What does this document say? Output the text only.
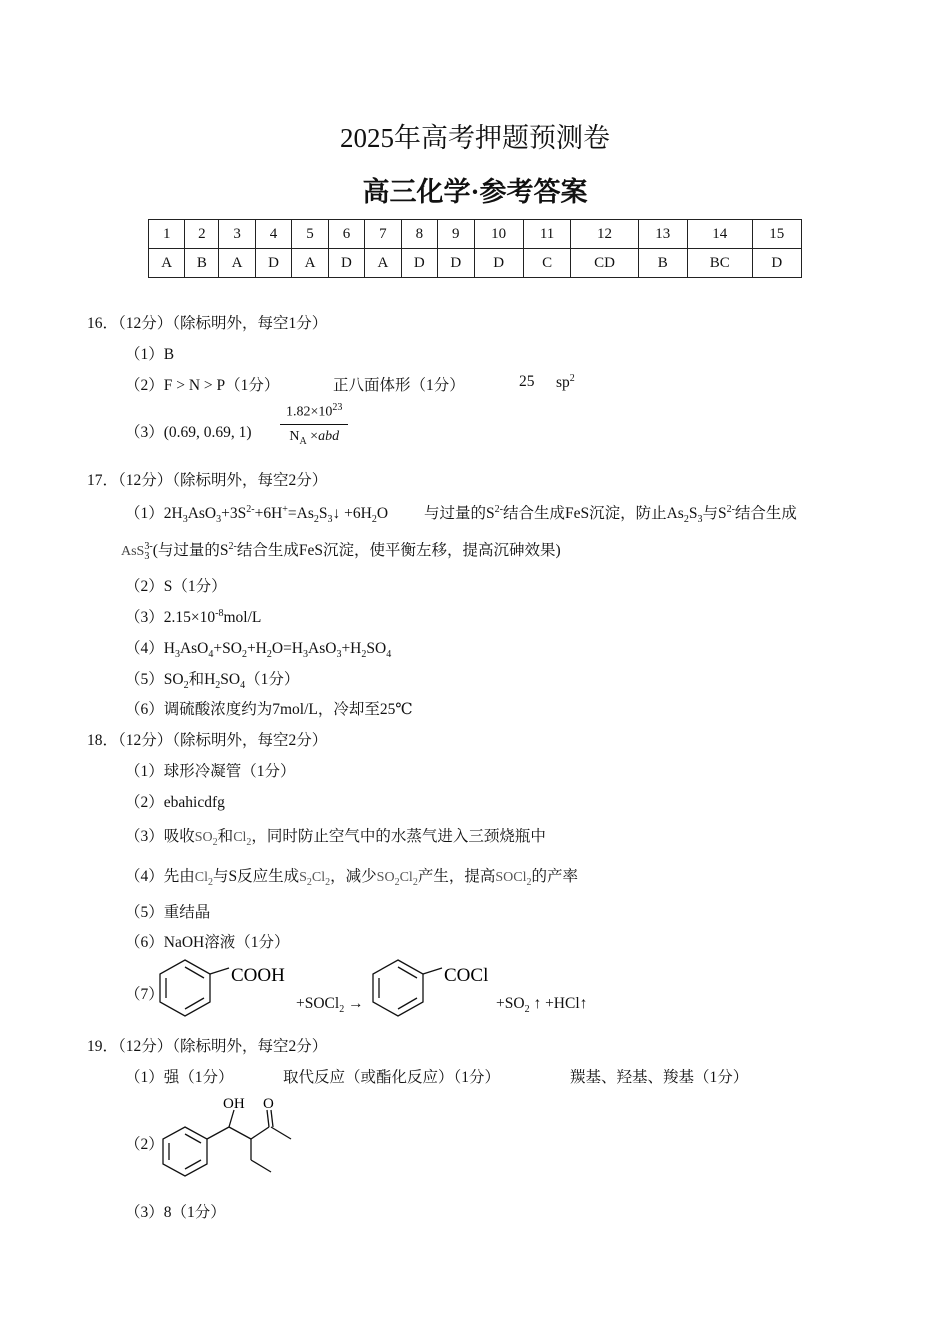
2025年高考押题预测卷
高三化学·参考答案
1	2	3	4	5	6	7	8	9	10	11	12	13	14	15
A	B	A	D	A	D	A	D	D	D	C	CD	B	BC	D
16．（12分）（除标明外，每空1分）
（1）B
（2）F > N > P（1分）	正八面体形（1分）	25 $sp^2$
（3）(0.69, 0.69, 1)
$1.82\times 10^{23}$
$N_A \times abd$
17．（12分）（除标明外，每空2分）
$(1)2H_3AsO_3+3S^{2-}+6H^+=As_2S_3↓ +6H_2O$ 与过量的$S^{2-}$结合生成FeS沉淀，防止$As_2S_3$与$S^{2-}$结合生成
AsS$_3^{3-}$(与过量的$S^{2-}$结合生成FeS沉淀，使平衡左移，提高沉砷效果)
（2）S（1分）
$(3)2.15\times 10^{-8}mol/L$
$(4)H_3AsO_4+SO_2+H_2O=H_3AsO_3+H_2SO_4$
$(5)SO_2$和$H_2SO_4(1$分）
（6）调硫酸浓度约为7mol/L，冷却至25℃
18．（12分）（除标明外，每空2分）
（1）球形冷凝管（1分）
（2）ebahicdfg
（3）吸收$SO_2$和$Cl_2$，同时防止空气中的水蒸气进入三颈烧瓶中
（4）先由$Cl_2$与S反应生成$S_2Cl_2$，减少$SO_2Cl_2$产生，提高SOCl$_2$的产率
（5）重结晶
（6）NaOH溶液（1分）
（7）
COOH
+SOCl$_2$ →
COCl
$+SO_2$ ↑ +HCl↑
19．（12分）（除标明外，每空2分）
（1）强（1分）	取代反应（或酯化反应）（1分）	羰基、羟基、羧基（1分）
（2）
OH O
（3）8（1分）
